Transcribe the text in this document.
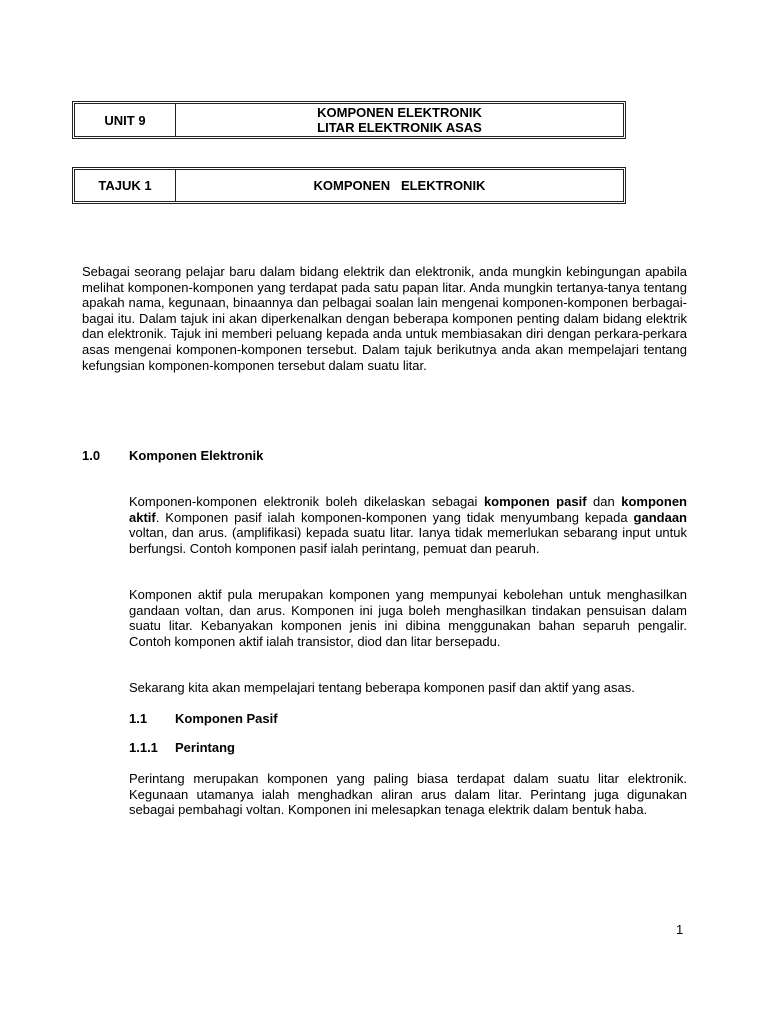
UNIT 9	KOMPONEN ELEKTRONIK
LITAR ELEKTRONIK ASAS
TAJUK 1	KOMPONEN   ELEKTRONIK

Sebagai seorang pelajar baru dalam bidang elektrik dan elektronik, anda mungkin kebingungan apabila melihat komponen-komponen yang terdapat pada satu papan litar. Anda mungkin tertanya-tanya tentang apakah nama, kegunaan, binaannya dan pelbagai soalan lain mengenai komponen-komponen berbagai-bagai itu. Dalam tajuk ini akan diperkenalkan dengan beberapa komponen penting dalam bidang elektrik dan elektronik. Tajuk ini memberi peluang kepada anda untuk membiasakan diri dengan perkara-perkara asas mengenai komponen-komponen tersebut. Dalam tajuk berikutnya anda akan mempelajari tentang kefungsian komponen-komponen tersebut dalam suatu litar.

1.0 Komponen Elektronik

Komponen-komponen elektronik boleh dikelaskan sebagai komponen pasif dan komponen aktif. Komponen pasif ialah komponen-komponen yang tidak menyumbang kepada gandaan voltan, dan arus. (amplifikasi) kepada suatu litar. Ianya tidak memerlukan sebarang input untuk berfungsi. Contoh komponen pasif ialah perintang, pemuat dan pearuh.

Komponen aktif pula merupakan komponen yang mempunyai kebolehan untuk menghasilkan gandaan voltan, dan arus. Komponen ini juga boleh menghasilkan tindakan pensuisan dalam suatu litar. Kebanyakan komponen jenis ini dibina menggunakan bahan separuh pengalir. Contoh komponen aktif ialah transistor, diod dan litar bersepadu.

Sekarang kita akan mempelajari tentang beberapa komponen pasif dan aktif yang asas.

1.1 Komponen Pasif
1.1.1 Perintang

Perintang merupakan komponen yang paling biasa terdapat dalam suatu litar elektronik. Kegunaan utamanya ialah menghadkan aliran arus dalam litar. Perintang juga digunakan sebagai pembahagi voltan. Komponen ini melesapkan tenaga elektrik dalam bentuk haba.

1
